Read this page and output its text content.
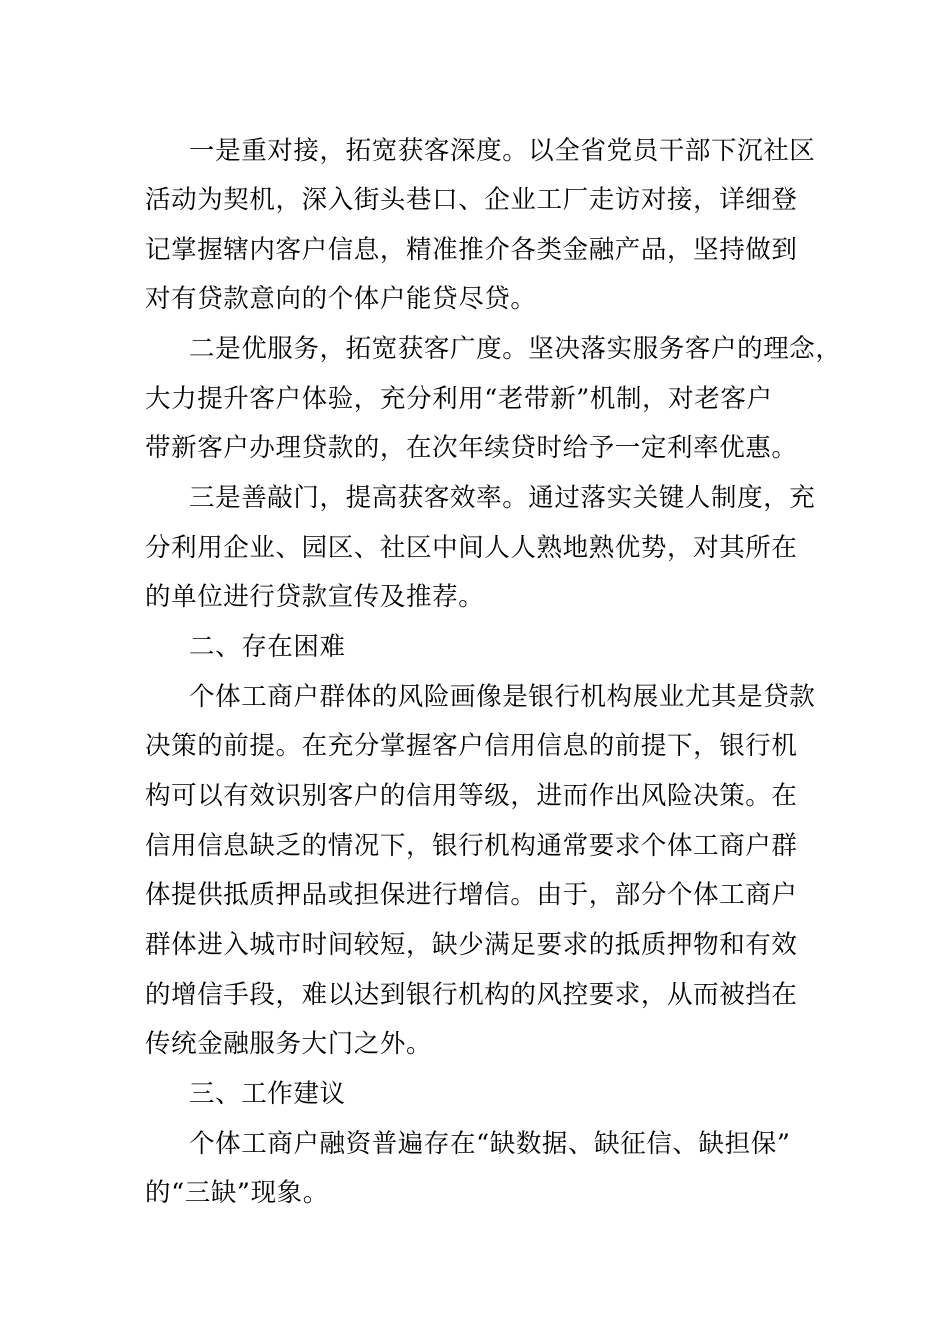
一是重对接，拓宽获客深度。以全省党员干部下沉社区
活动为契机，深入街头巷口、企业工厂走访对接，详细登
记掌握辖内客户信息，精准推介各类金融产品，坚持做到
对有贷款意向的个体户能贷尽贷。
二是优服务，拓宽获客广度。坚决落实服务客户的理念，
大力提升客户体验，充分利用“老带新”机制，对老客户
带新客户办理贷款的，在次年续贷时给予一定利率优惠。
三是善敲门，提高获客效率。通过落实关键人制度，充
分利用企业、园区、社区中间人人熟地熟优势，对其所在
的单位进行贷款宣传及推荐。
二、存在困难
个体工商户群体的风险画像是银行机构展业尤其是贷款
决策的前提。在充分掌握客户信用信息的前提下，银行机
构可以有效识别客户的信用等级，进而作出风险决策。在
信用信息缺乏的情况下，银行机构通常要求个体工商户群
体提供抵质押品或担保进行增信。由于，部分个体工商户
群体进入城市时间较短，缺少满足要求的抵质押物和有效
的增信手段，难以达到银行机构的风控要求，从而被挡在
传统金融服务大门之外。
三、工作建议
个体工商户融资普遍存在“缺数据、缺征信、缺担保”
的“三缺”现象。
